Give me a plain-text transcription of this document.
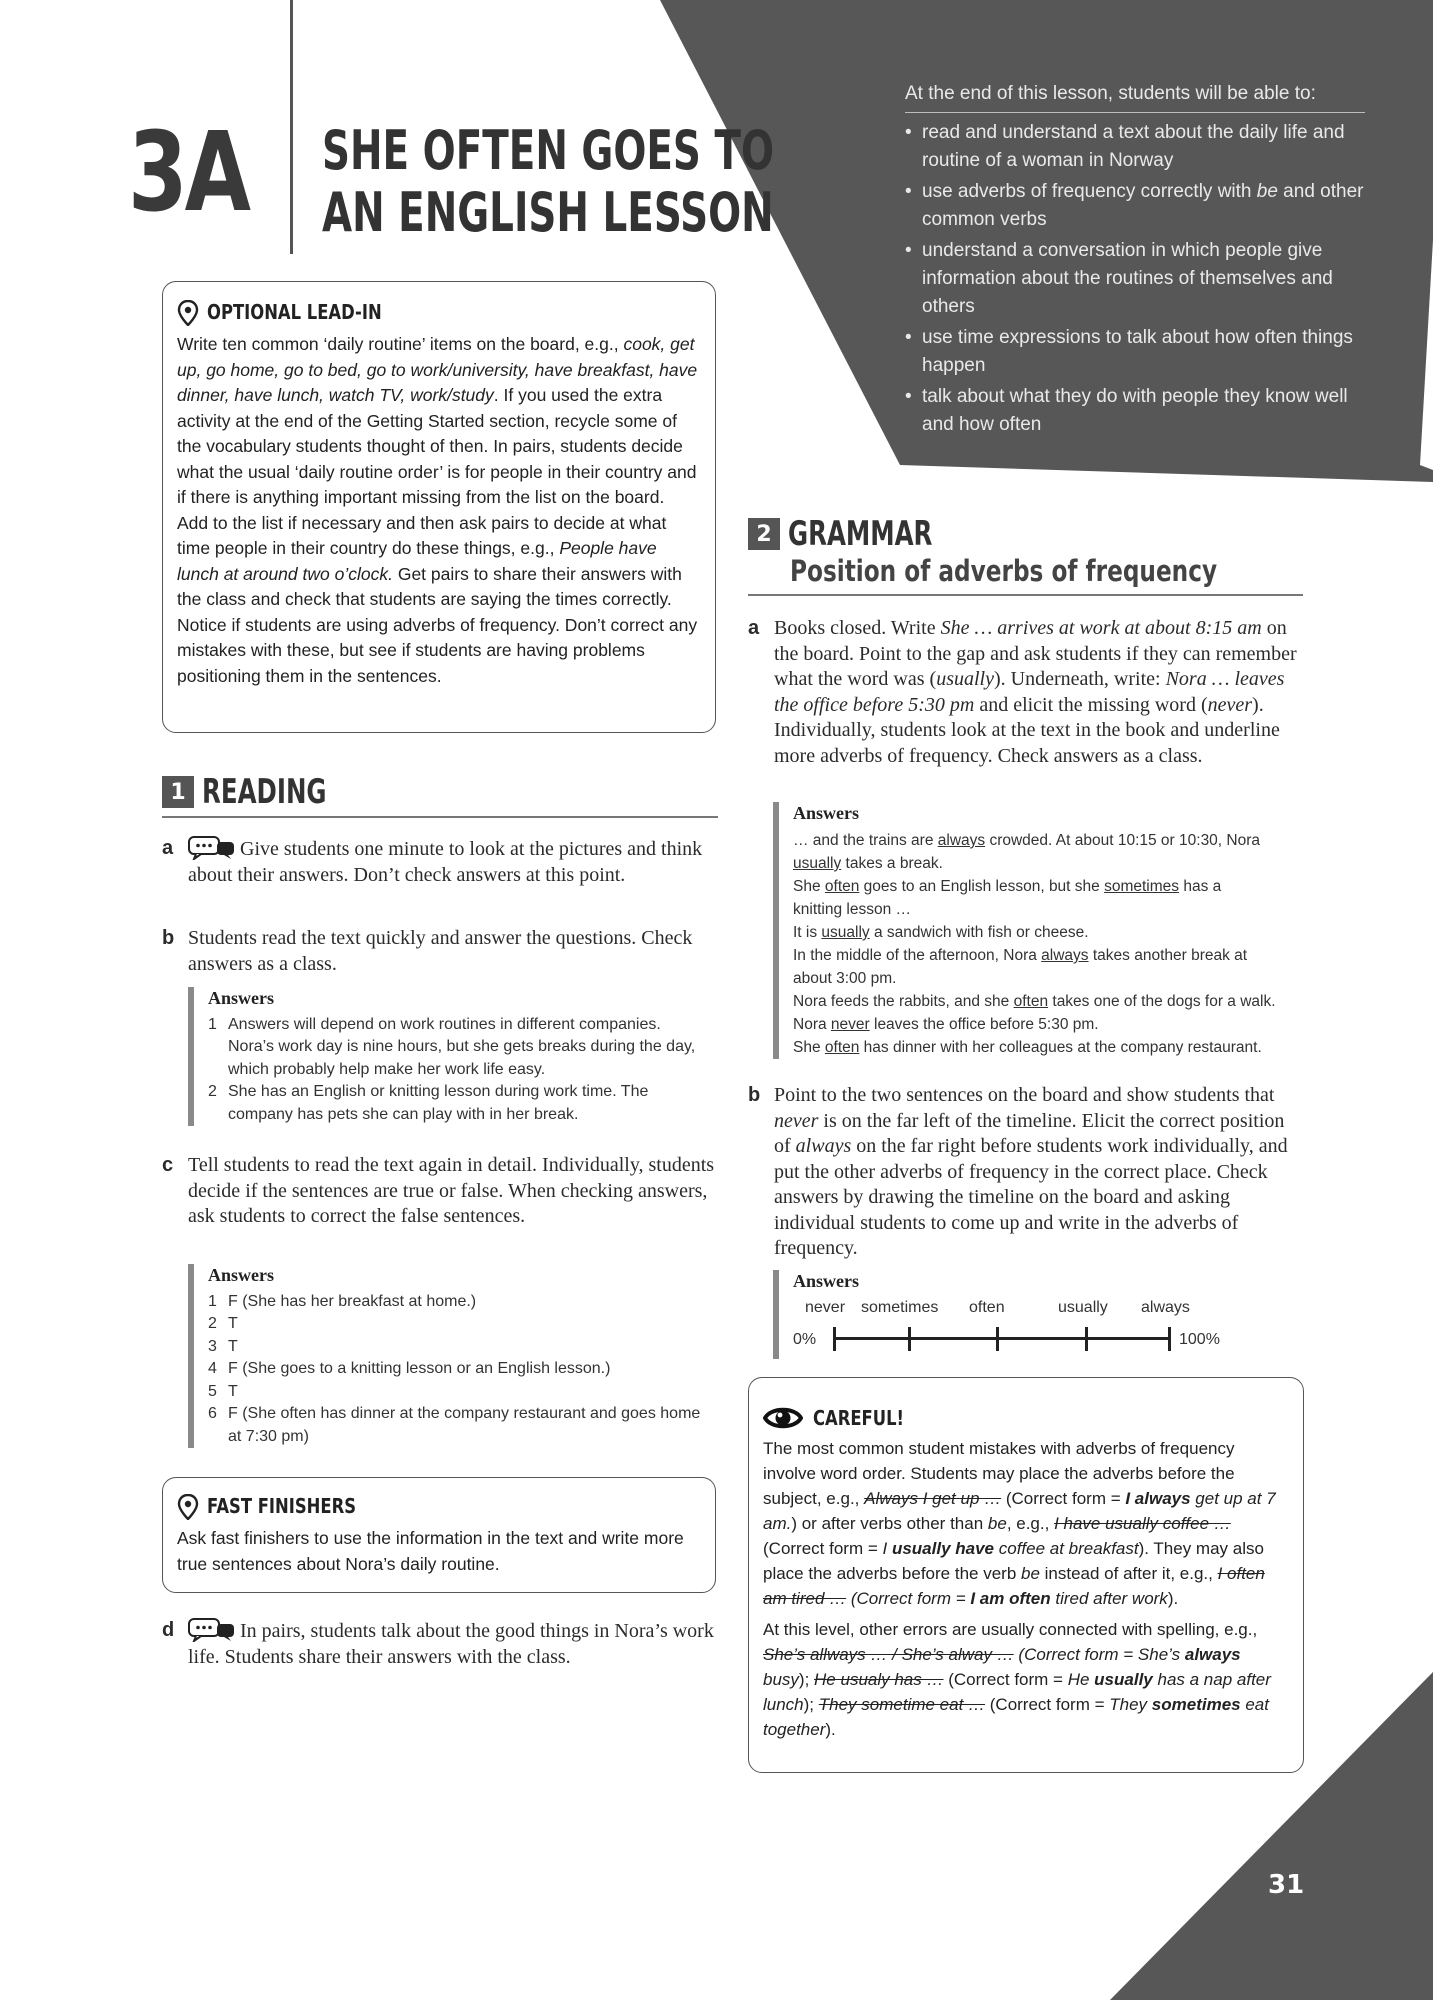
3A SHE OFTEN GOES TO
AN ENGLISH LESSON
At the end of this lesson, students will be able to:
• read and understand a text about the daily life and routine of a woman in Norway
• use adverbs of frequency correctly with be and other common verbs
• understand a conversation in which people give information about the routines of themselves and others
• use time expressions to talk about how often things happen
• talk about what they do with people they know well and how often
OPTIONAL LEAD-IN
Write ten common ‘daily routine’ items on the board, e.g., cook, get up, go home, go to bed, go to work/university, have breakfast, have dinner, have lunch, watch TV, work/study. If you used the extra activity at the end of the Getting Started section, recycle some of the vocabulary students thought of then. In pairs, students decide what the usual ‘daily routine order’ is for people in their country and if there is anything important missing from the list on the board. Add to the list if necessary and then ask pairs to decide at what time people in their country do these things, e.g., People have lunch at around two o’clock. Get pairs to share their answers with the class and check that students are saying the times correctly. Notice if students are using adverbs of frequency. Don’t correct any mistakes with these, but see if students are having problems positioning them in the sentences.
1 READING
a	Give students one minute to look at the pictures and think about their answers. Don’t check answers at this point.
b Students read the text quickly and answer the questions. Check answers as a class.
Answers
1 Answers will depend on work routines in different companies. Nora’s work day is nine hours, but she gets breaks during the day, which probably help make her work life easy.
2 She has an English or knitting lesson during work time. The company has pets she can play with in her break.
c Tell students to read the text again in detail. Individually, students decide if the sentences are true or false. When checking answers, ask students to correct the false sentences.
Answers
1 F (She has her breakfast at home.)
2 T
3 T
4 F (She goes to a knitting lesson or an English lesson.)
5 T
6 F (She often has dinner at the company restaurant and goes home at 7:30 pm)
FAST FINISHERS
Ask fast finishers to use the information in the text and write more true sentences about Nora’s daily routine.
d	In pairs, students talk about the good things in Nora’s work life. Students share their answers with the class.
2 GRAMMAR
Position of adverbs of frequency
a Books closed. Write She … arrives at work at about 8:15 am on the board. Point to the gap and ask students if they can remember what the word was (usually). Underneath, write: Nora … leaves the office before 5:30 pm and elicit the missing word (never). Individually, students look at the text in the book and underline more adverbs of frequency. Check answers as a class.
Answers
… and the trains are always crowded. At about 10:15 or 10:30, Nora
usually takes a break.
She often goes to an English lesson, but she sometimes has a
knitting lesson …
It is usually a sandwich with fish or cheese.
In the middle of the afternoon, Nora always takes another break at
about 3:00 pm.
Nora feeds the rabbits, and she often takes one of the dogs for a walk.
Nora never leaves the office before 5:30 pm.
She often has dinner with her colleagues at the company restaurant.
b Point to the two sentences on the board and show students that never is on the far left of the timeline. Elicit the correct position of always on the far right before students work individually, and put the other adverbs of frequency in the correct place. Check answers by drawing the timeline on the board and asking individual students to come up and write in the adverbs of frequency.
Answers
never sometimes often	usually always
0%	100%
CAREFUL!

The most common student mistakes with adverbs of frequency involve word order. Students may place the adverbs before the subject, e.g., Always I get up … (Correct form = I always get up at 7 am.) or after verbs other than be, e.g., I have usually coffee … (Correct form = I usually have coffee at breakfast). They may also place the adverbs before the verb be instead of after it, e.g., I often am tired … (Correct form = I am often tired after work).

At this level, other errors are usually connected with spelling, e.g., She’s allways … / She’s alway … (Correct form = She’s always busy); He usualy has … (Correct form = He usually has a nap after lunch); They sometime eat … (Correct form = They sometimes eat together).

31
